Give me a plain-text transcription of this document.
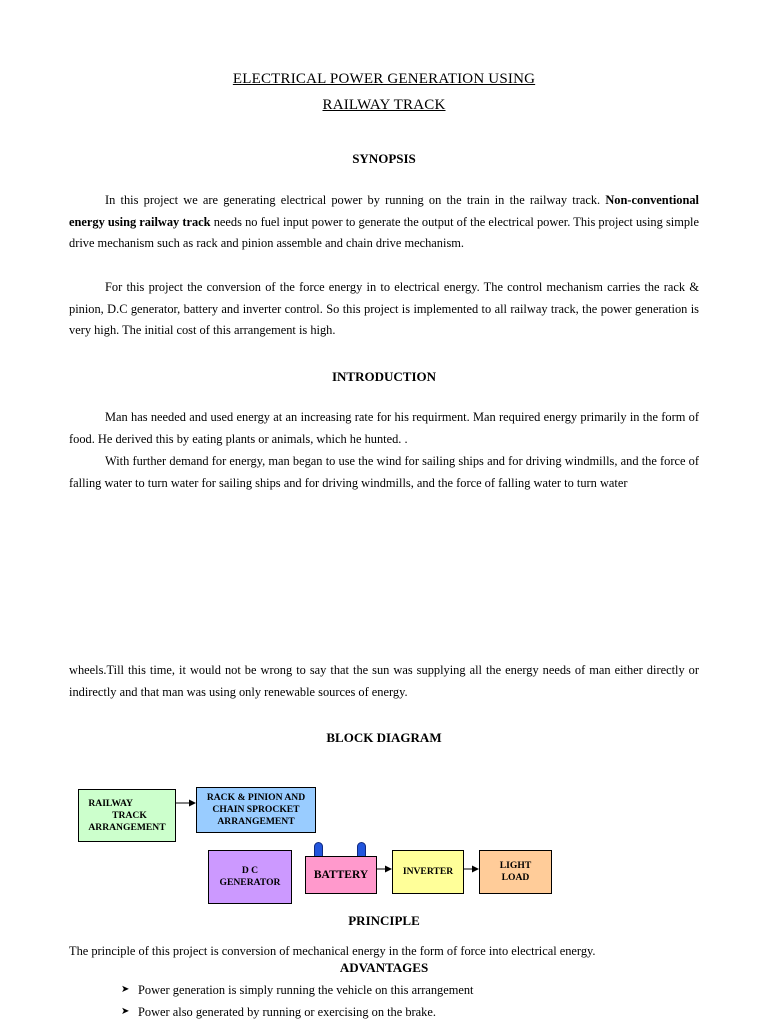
ELECTRICAL POWER GENERATION USING
RAILWAY TRACK
SYNOPSIS
In this project we are generating electrical power by running on the train in the railway track. Non-conventional energy using railway track needs no fuel input power to generate the output of the electrical power. This project using simple drive mechanism such as rack and pinion assemble and chain drive mechanism.
For this project the conversion of the force energy in to electrical energy. The control mechanism carries the rack & pinion, D.C generator, battery and inverter control. So this project is implemented to all railway track, the power generation is very high. The initial cost of this arrangement is high.
INTRODUCTION
Man has needed and used energy at an increasing rate for his requirment. Man required energy primarily in the form of food. He derived this by eating plants or animals, which he hunted. .
With further demand for energy, man began to use the wind for sailing ships and for driving windmills, and the force of falling water to turn water for sailing ships and for driving windmills, and the force of falling water to turn water
wheels.Till this time, it would not be wrong to say that the sun was supplying all the energy needs of man either directly or indirectly and that man was using only renewable sources of energy.
BLOCK DIAGRAM
RAILWAY
TRACK
ARRANGEMENT
RACK & PINION AND
CHAIN SPROCKET
ARRANGEMENT
D C
GENERATOR
BATTERY	INVERTER
LIGHT
LOAD
PRINCIPLE
The principle of this project is conversion of mechanical energy in the form of force into electrical energy.
ADVANTAGES
➤ Power generation is simply running the vehicle on this arrangement
➤ Power also generated by running or exercising on the brake.
